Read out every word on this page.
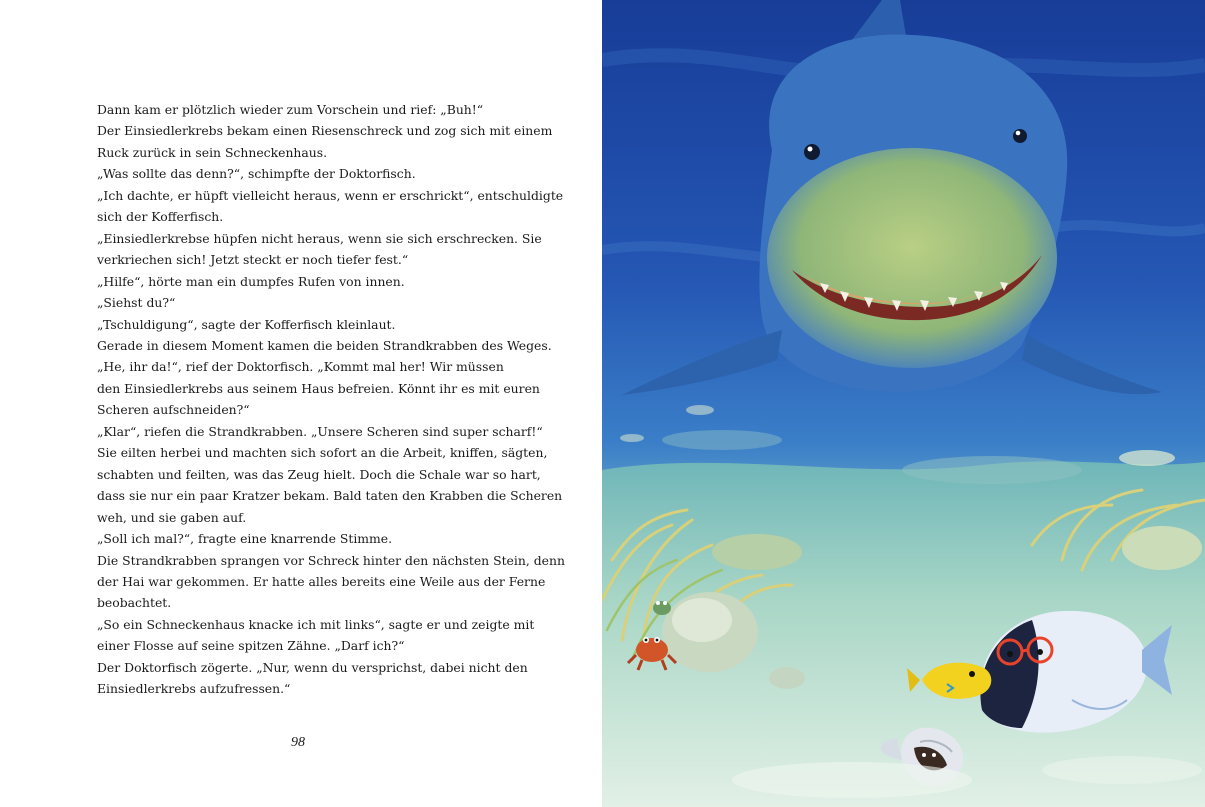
Dann kam er plötzlich wieder zum Vorschein und rief: „Buh!“
Der Einsiedlerkrebs bekam einen Riesenschreck und zog sich mit einem
Ruck zurück in sein Schneckenhaus.
„Was sollte das denn?“, schimpfte der Doktorfisch.
„Ich dachte, er hüpft vielleicht heraus, wenn er erschrickt“, entschuldigte
sich der Kofferfisch.
„Einsiedlerkrebse hüpfen nicht heraus, wenn sie sich erschrecken. Sie
verkriechen sich! Jetzt steckt er noch tiefer fest.“
„Hilfe“, hörte man ein dumpfes Rufen von innen.
„Siehst du?“
„Tschuldigung“, sagte der Kofferfisch kleinlaut.
Gerade in diesem Moment kamen die beiden Strandkrabben des Weges.
„He, ihr da!“, rief der Doktorfisch. „Kommt mal her! Wir müssen
den Einsiedlerkrebs aus seinem Haus befreien. Könnt ihr es mit euren
Scheren aufschneiden?“
„Klar“, riefen die Strandkrabben. „Unsere Scheren sind super scharf!“
Sie eilten herbei und machten sich sofort an die Arbeit, kniffen, sägten,
schabten und feilten, was das Zeug hielt. Doch die Schale war so hart,
dass sie nur ein paar Kratzer bekam. Bald taten den Krabben die Scheren
weh, und sie gaben auf.
„Soll ich mal?“, fragte eine knarrende Stimme.
Die Strandkrabben sprangen vor Schreck hinter den nächsten Stein, denn
der Hai war gekommen. Er hatte alles bereits eine Weile aus der Ferne
beobachtet.
„So ein Schneckenhaus knacke ich mit links“, sagte er und zeigte mit
einer Flosse auf seine spitzen Zähne. „Darf ich?“
Der Doktorfisch zögerte. „Nur, wenn du versprichst, dabei nicht den
Einsiedlerkrebs aufzufressen.“
98
